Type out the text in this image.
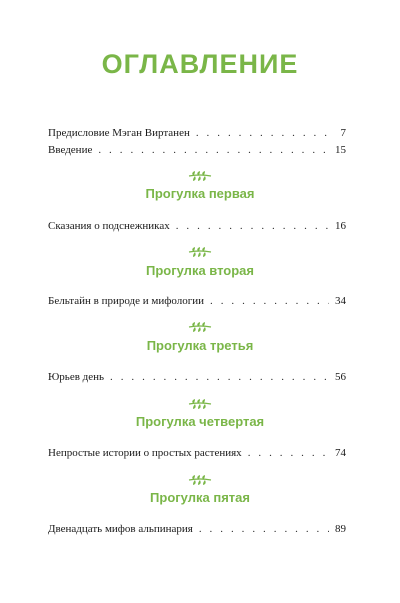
ОГЛАВЛЕНИЕ
Предисловие Мэган Виртанен . . .	7
Введение . . .	15
Прогулка первая
Сказания о подснежниках . . .	16
Прогулка вторая
Бельтайн в природе и мифологии . . .	34
Прогулка третья
Юрьев день . . .	56
Прогулка четвертая
Непростые истории о простых растениях . . .	74
Прогулка пятая
Двенадцать мифов альпинария . . .	89
